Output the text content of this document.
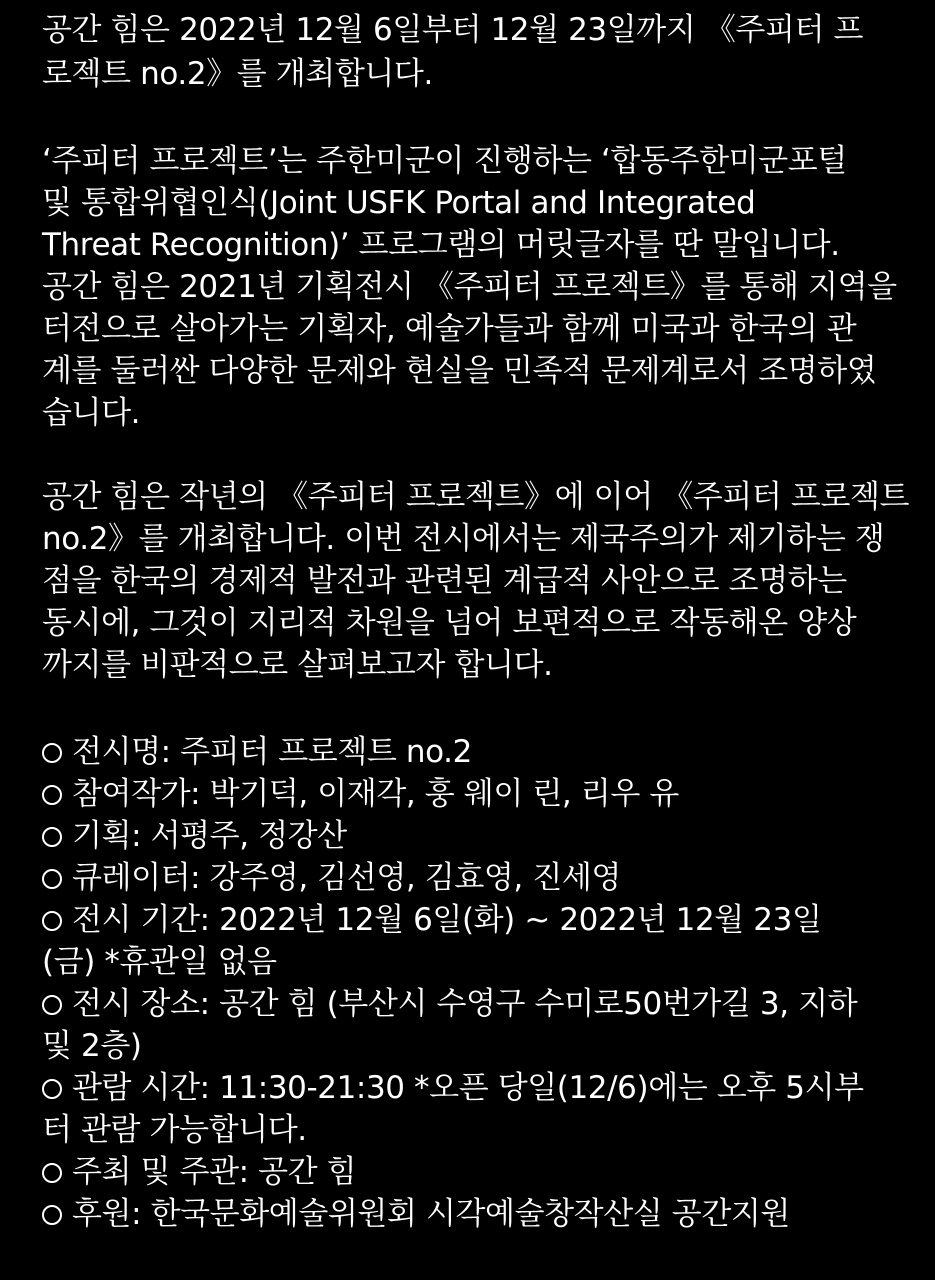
공간 힘은 2022년 12월 6일부터 12월 23일까지 《주피터 프
로젝트 no.2》를 개최합니다.
‘주피터 프로젝트’는 주한미군이 진행하는 ‘합동주한미군포털
및 통합위협인식(Joint USFK Portal and Integrated
Threat Recognition)’ 프로그램의 머릿글자를 딴 말입니다.
공간 힘은 2021년 기획전시 《주피터 프로젝트》를 통해 지역을
터전으로 살아가는 기획자, 예술가들과 함께 미국과 한국의 관
계를 둘러싼 다양한 문제와 현실을 민족적 문제계로서 조명하였
습니다.
공간 힘은 작년의 《주피터 프로젝트》에 이어 《주피터 프로젝트
no.2》를 개최합니다. 이번 전시에서는 제국주의가 제기하는 쟁
점을 한국의 경제적 발전과 관련된 계급적 사안으로 조명하는
동시에, 그것이 지리적 차원을 넘어 보편적으로 작동해온 양상
까지를 비판적으로 살펴보고자 합니다.
전시명: 주피터 프로젝트 no.2
참여작가: 박기덕, 이재각, 훙 웨이 린, 리우 유
기획: 서평주, 정강산
큐레이터: 강주영, 김선영, 김효영, 진세영
전시 기간: 2022년 12월 6일(화) ~ 2022년 12월 23일
(금) *휴관일 없음
전시 장소: 공간 힘 (부산시 수영구 수미로50번가길 3, 지하
및 2층)
관람 시간: 11:30-21:30 *오픈 당일(12/6)에는 오후 5시부
터 관람 가능합니다.
주최 및 주관: 공간 힘
후원: 한국문화예술위원회 시각예술창작산실 공간지원
